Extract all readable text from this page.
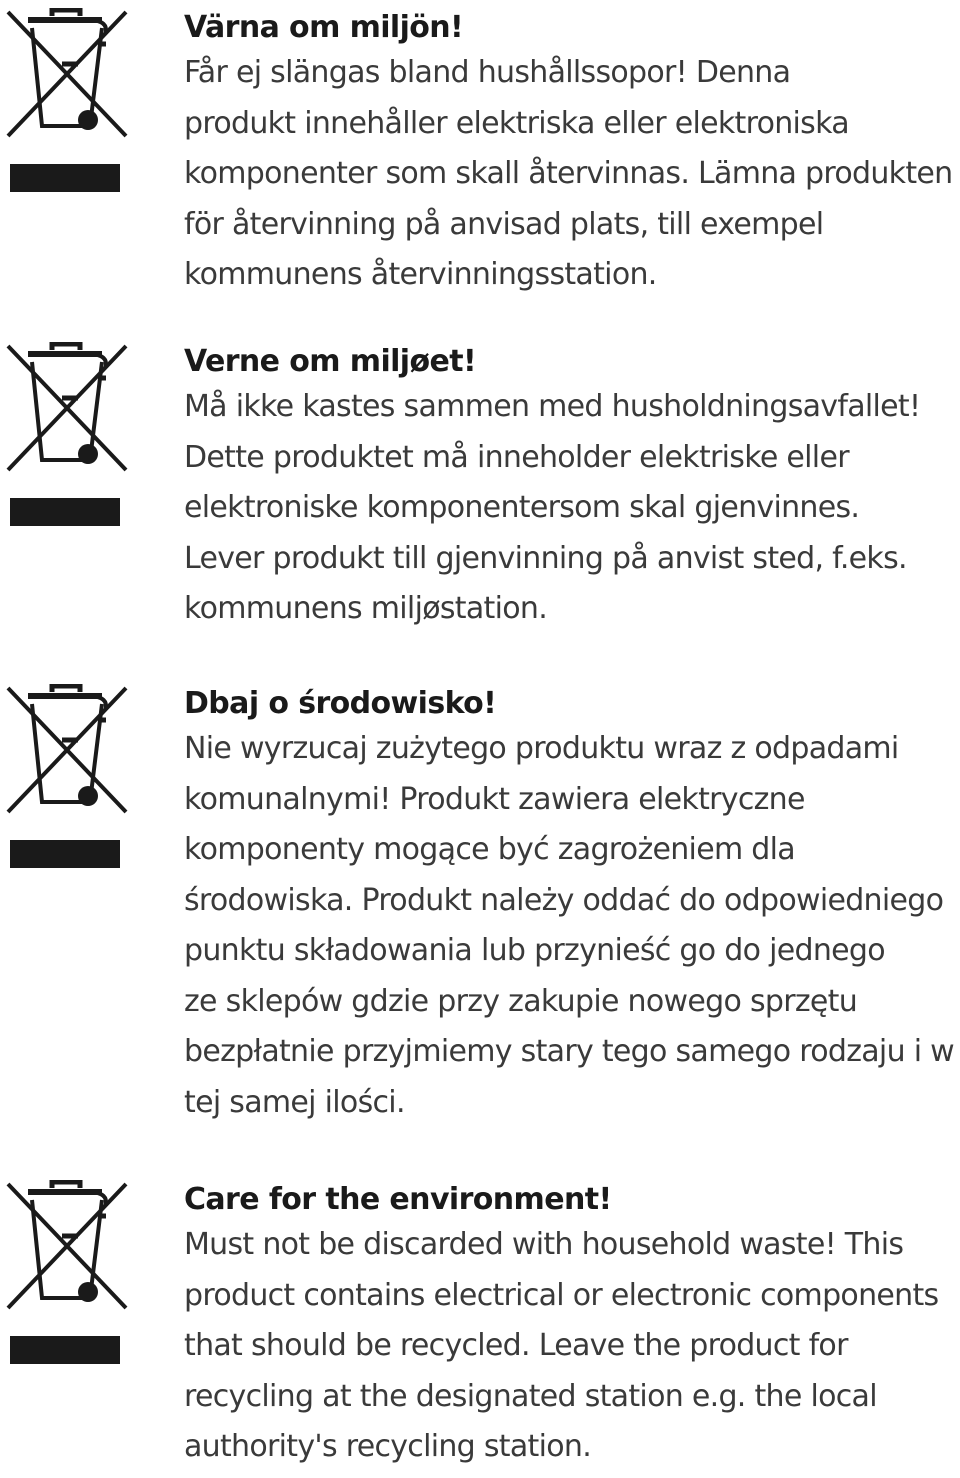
Värna om miljön!

Får ej slängas bland hushållssopor! Denna
produkt innehåller elektriska eller elektroniska
komponenter som skall återvinnas. Lämna produkten
för återvinning på anvisad plats, till exempel
kommunens återvinningsstation.

Verne om miljøet!

Må ikke kastes sammen med husholdningsavfallet!
Dette produktet må inneholder elektriske eller
elektroniske komponentersom skal gjenvinnes.
Lever produkt till gjenvinning på anvist sted, f.eks.
kommunens miljøstation.

Dbaj o środowisko!

Nie wyrzucaj zużytego produktu wraz z odpadami
komunalnymi! Produkt zawiera elektryczne
komponenty mogące być zagrożeniem dla
środowiska. Produkt należy oddać do odpowiedniego
punktu składowania lub przynieść go do jednego
ze sklepów gdzie przy zakupie nowego sprzętu
bezpłatnie przyjmiemy stary tego samego rodzaju i w
tej samej ilości.

Care for the environment!

Must not be discarded with household waste! This
product contains electrical or electronic components
that should be recycled. Leave the product for
recycling at the designated station e.g. the local
authority's recycling station.
